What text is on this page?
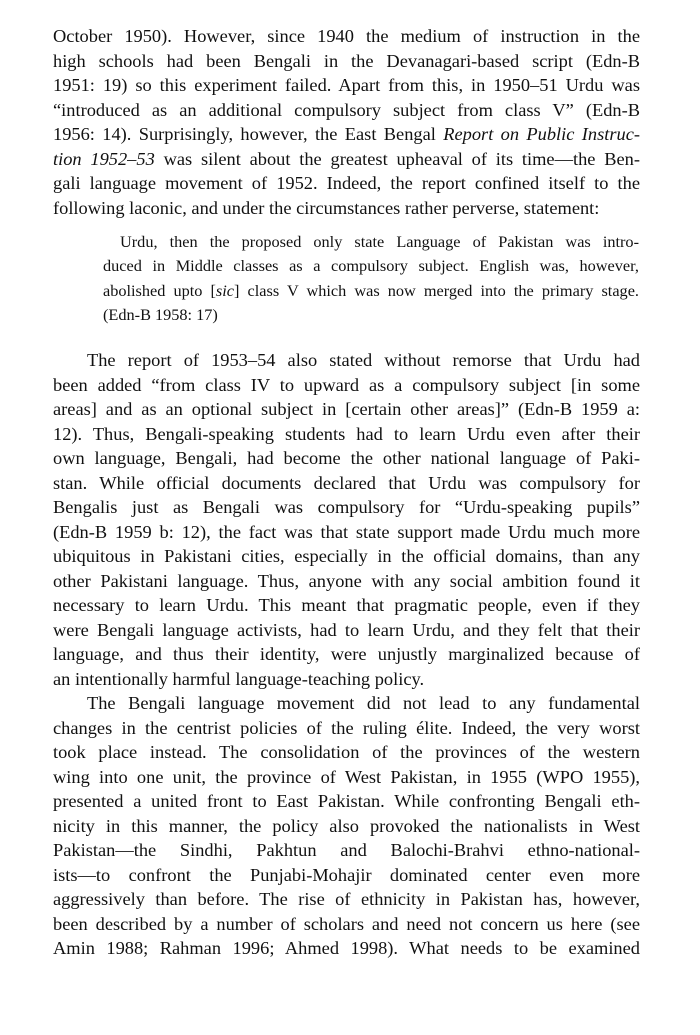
October 1950). However, since 1940 the medium of instruction in the
high schools had been Bengali in the Devanagari-based script (Edn-B
1951: 19) so this experiment failed. Apart from this, in 1950–51 Urdu was
“introduced as an additional compulsory subject from class V” (Edn-B
1956: 14). Surprisingly, however, the East Bengal Report on Public Instruc-
tion 1952–53 was silent about the greatest upheaval of its time—the Ben-
gali language movement of 1952. Indeed, the report confined itself to the
following laconic, and under the circumstances rather perverse, statement:
Urdu, then the proposed only state Language of Pakistan was intro-
duced in Middle classes as a compulsory subject. English was, however,
abolished upto [sic] class V which was now merged into the primary stage.
(Edn-B 1958: 17)
The report of 1953–54 also stated without remorse that Urdu had
been added “from class IV to upward as a compulsory subject [in some
areas] and as an optional subject in [certain other areas]” (Edn-B 1959 a:
12). Thus, Bengali-speaking students had to learn Urdu even after their
own language, Bengali, had become the other national language of Paki-
stan. While official documents declared that Urdu was compulsory for
Bengalis just as Bengali was compulsory for “Urdu-speaking pupils”
(Edn-B 1959 b: 12), the fact was that state support made Urdu much more
ubiquitous in Pakistani cities, especially in the official domains, than any
other Pakistani language. Thus, anyone with any social ambition found it
necessary to learn Urdu. This meant that pragmatic people, even if they
were Bengali language activists, had to learn Urdu, and they felt that their
language, and thus their identity, were unjustly marginalized because of
an intentionally harmful language-teaching policy.
The Bengali language movement did not lead to any fundamental
changes in the centrist policies of the ruling élite. Indeed, the very worst
took place instead. The consolidation of the provinces of the western
wing into one unit, the province of West Pakistan, in 1955 (WPO 1955),
presented a united front to East Pakistan. While confronting Bengali eth-
nicity in this manner, the policy also provoked the nationalists in West
Pakistan—the Sindhi, Pakhtun and Balochi-Brahvi ethno-national-
ists—to confront the Punjabi-Mohajir dominated center even more
aggressively than before. The rise of ethnicity in Pakistan has, however,
been described by a number of scholars and need not concern us here (see
Amin 1988; Rahman 1996; Ahmed 1998). What needs to be examined
